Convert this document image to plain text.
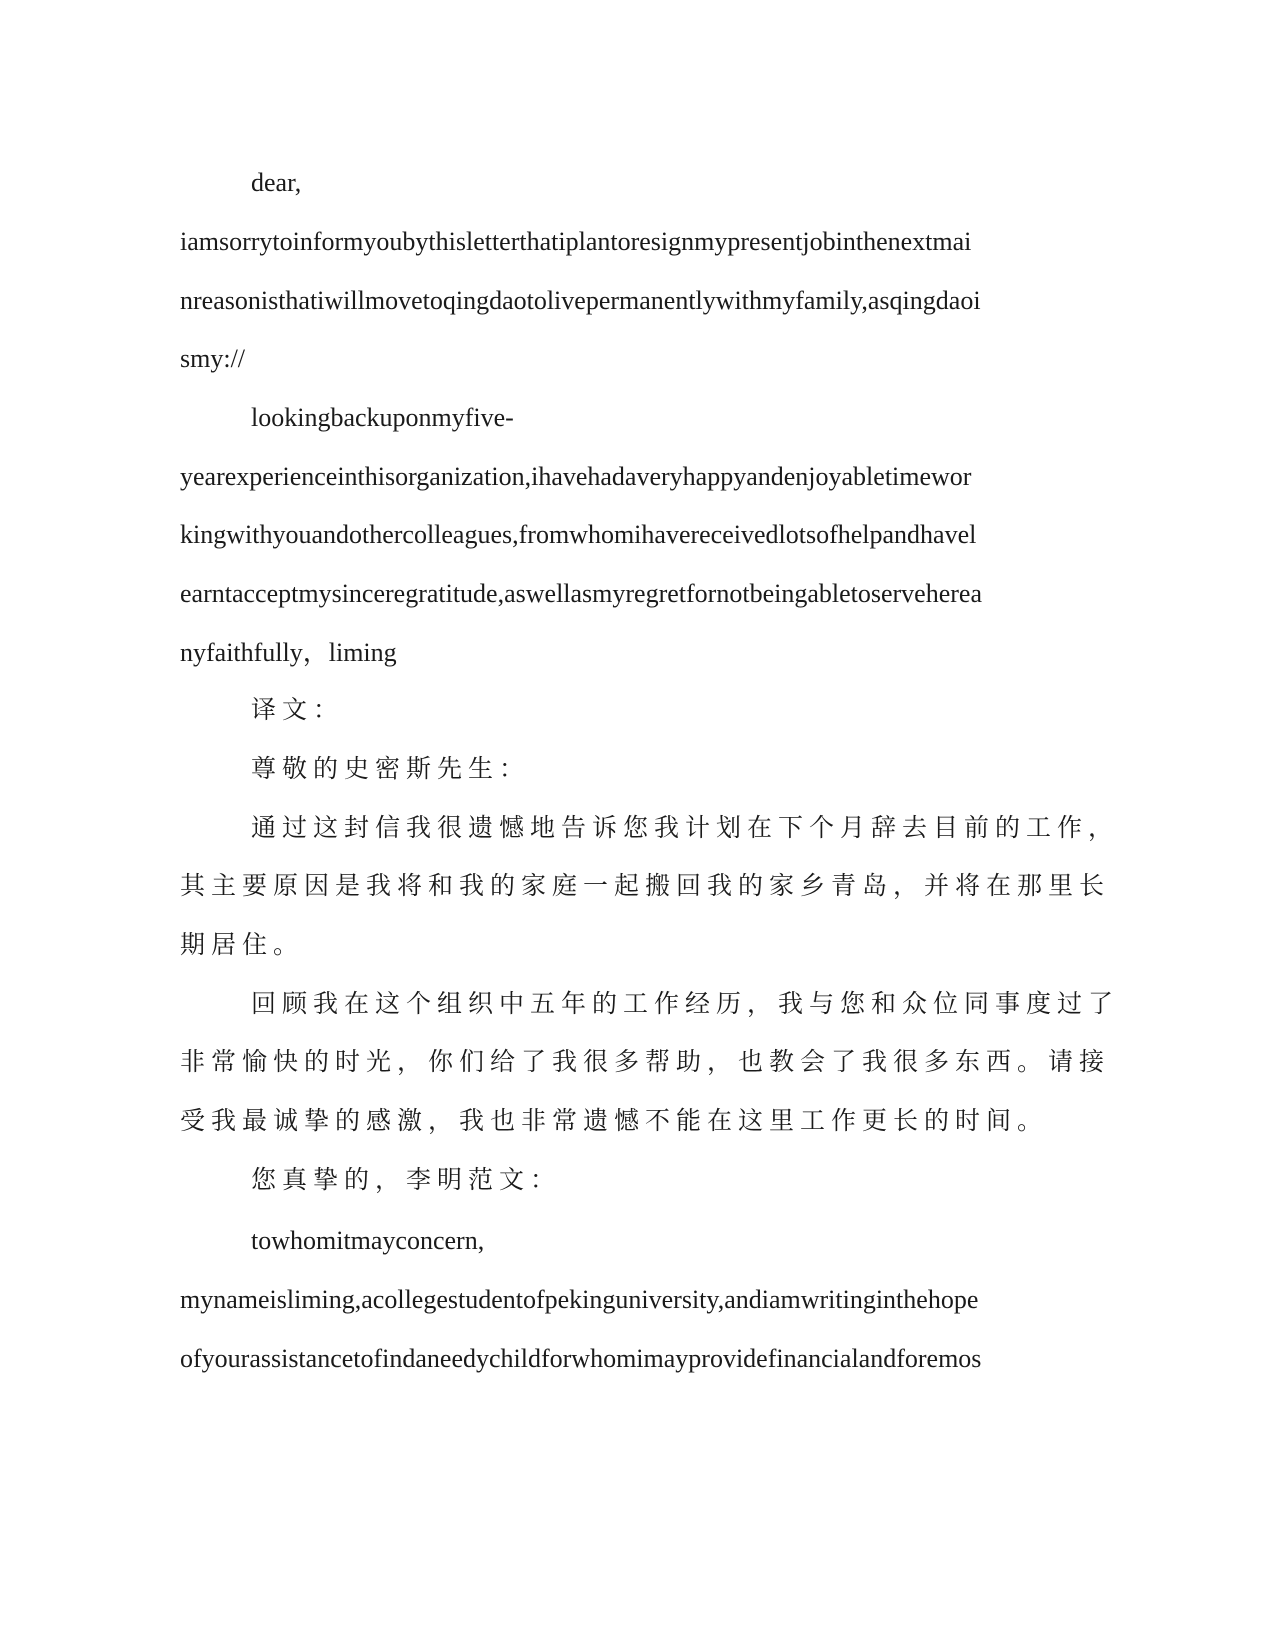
dear,

iamsorrytoinformyoubythisletterthatiplantoresignmypresentjobinthenextmai

nreasonisthatiwillmovetoqingdaotolivepermanentlywithmyfamily,asqingdaoi

smy://

lookingbackuponmyfive-

yearexperienceinthisorganization,ihavehadaveryhappyandenjoyabletimewor

kingwithyouandothercolleagues,fromwhomihavereceivedlotsofhelpandhavel

earntacceptmysinceregratitude,aswellasmyregretfornotbeingabletoserveherea

nyfaithfully，liming

译文：

尊敬的史密斯先生：

通过这封信我很遗憾地告诉您我计划在下个月辞去目前的工作，

其主要原因是我将和我的家庭一起搬回我的家乡青岛，并将在那里长

期居住。

回顾我在这个组织中五年的工作经历，我与您和众位同事度过了

非常愉快的时光，你们给了我很多帮助，也教会了我很多东西。请接

受我最诚挚的感激，我也非常遗憾不能在这里工作更长的时间。

您真挚的，李明范文：

towhomitmayconcern,

mynameisliming,acollegestudentofpekinguniversity,andiamwritinginthehope

ofyourassistancetofindaneedychildforwhomimayprovidefinancialandforemos
